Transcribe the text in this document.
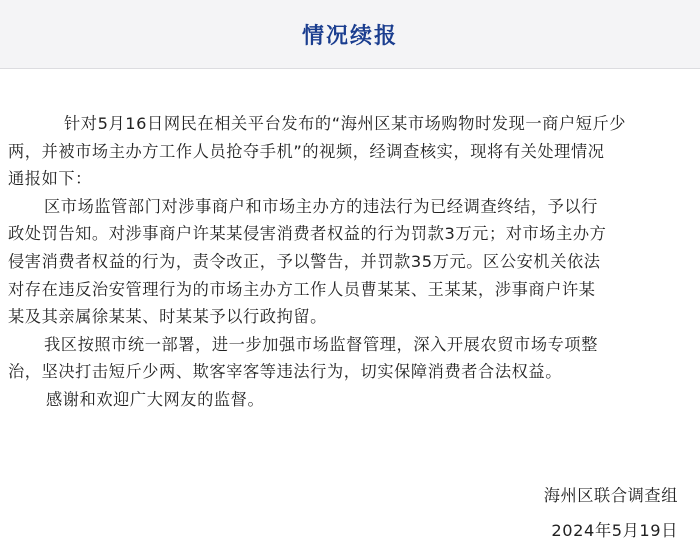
情况续报

针对5月16日网民在相关平台发布的“海州区某市场购物时发现一商户短斤少

两，并被市场主办方工作人员抢夺手机”的视频，经调查核实，现将有关处理情况
通报如下：

区市场监管部门对涉事商户和市场主办方的违法行为已经调查终结，予以行

政处罚告知。对涉事商户许某某侵害消费者权益的行为罚款3万元；对市场主办方
侵害消费者权益的行为，责令改正，予以警告，并罚款35万元。区公安机关依法
对存在违反治安管理行为的市场主办方工作人员曹某某、王某某，涉事商户许某
某及其亲属徐某某、时某某予以行政拘留。

我区按照市统一部署，进一步加强市场监督管理，深入开展农贸市场专项整

治，坚决打击短斤少两、欺客宰客等违法行为，切实保障消费者合法权益。

感谢和欢迎广大网友的监督。

海州区联合调查组
2024年5月19日
